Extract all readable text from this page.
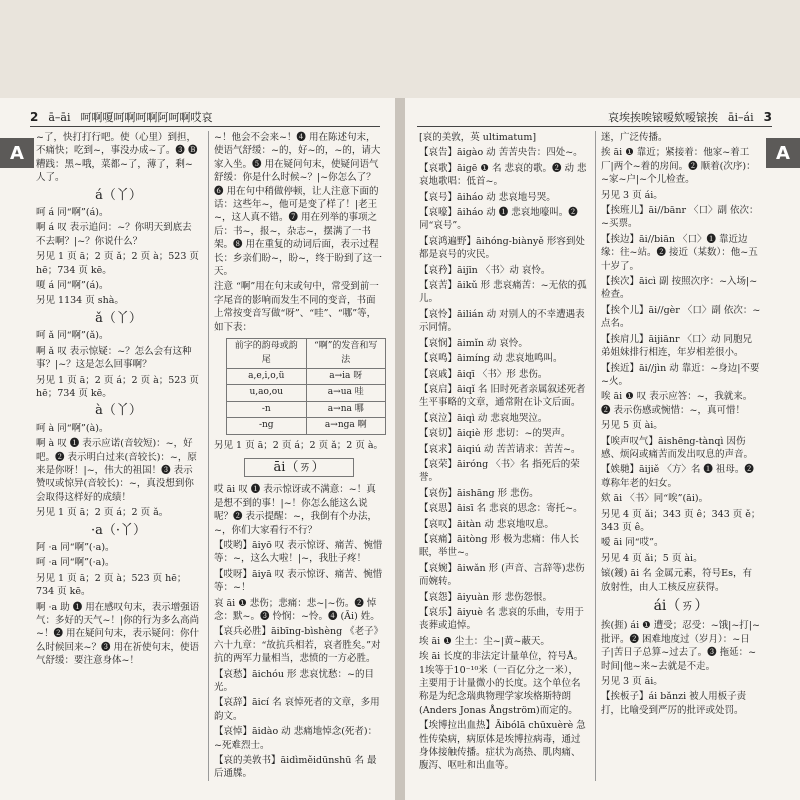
2 ā–āi 呵啊嗄呵啊呵啊阿呵啊哎哀
A

~了，快打打行吧。使（心里）到担，不痛快；吃到~，事没办成~了。❸ 🅑 糟践：黑~哦，菜都~了，薄了，剩~人了。

á（丫）

呵 á 同“啊”(á)。

啊 á 叹 表示追问：~？你明天到底去不去啊？|~？你说什么？

另见 1 页 ā；2 页 ǎ；2 页 à；523 页 hē；734 页 kē。

嗄 á 同“啊”(á)。

另见 1134 页 shà。

ǎ（丫）

呵 ǎ 同“啊”(ǎ)。

啊 ǎ 叹 表示惊疑：~？怎么会有这种事？|~？这是怎么回事啊？

另见 1 页 ā；2 页 á；2 页 à；523 页 hē；734 页 kē。

à（丫）

呵 à 同“啊”(à)。

啊 à 叹 ❶ 表示应诺(音较短)：~，好吧。❷ 表示明白过来(音较长)：~，原来是你呀！|~，伟大的祖国！❸ 表示赞叹或惊异(音较长)：~，真没想到你会取得这样好的成绩！

另见 1 页 ā；2 页 á；2 页 ǎ。

·a（·丫）

阿 ·a 同“啊”(·a)。

呵 ·a 同“啊”(·a)。

另见 1 页 ā；2 页 à；523 页 hē；734 页 kē。

啊 ·a 助 ❶ 用在感叹句末，表示增强语气：多好的天气~！|你的行为多么高尚~！❷ 用在疑问句末，表示疑问：你什么时候回来~？❸ 用在祈使句末，使语气舒缓：要注意身体~！

~！他会不会来~！❹ 用在陈述句末，使语气舒缓：~的，好~的，~的，请大家入坐。❺ 用在疑问句末，使疑问语气舒缓：你是什么时候~？|~你怎么了？❻ 用在句中稍做停顿，让人注意下面的话：这些年~，他可是变了样了！|老王~，这人真不错。❼ 用在列举的事项之后：书~，报~，杂志~，摆满了一书架。❽ 用在重复的动词后面，表示过程长：乡亲们盼~，盼~，终于盼到了这一天。

注意 “啊”用在句末或句中，常受到前一字尾音的影响而发生不同的变音，书面上常按变音写做“呀”、“哇”、“哪”等，如下表：

前字的韵母或韵尾	“啊”的发音和写法
a,e,i,o,ü	a→ia 呀
u,ao,ou	a→ua 哇
-n	a→na 哪
-ng	a→nga 啊

另见 1 页 ā；2 页 á；2 页 ǎ；2 页 à。

āi（ㄞ）

哎 āi 叹 ❶ 表示惊讶或不满意：~！真是想不到的事！|~！你怎么能这么说呢？❷ 表示提醒：~，我倒有个办法，~，你们大家看行不行？

【哎哟】āiyō 叹 表示惊讶、痛苦、惋惜等：~，这么大啦！|~，我肚子疼！

【哎呀】āiyā 叹 表示惊讶、痛苦、惋惜等：~！

哀 āi ❶ 悲伤；悲痛：悲~|~伤。❷ 悼念：默~。❸ 怜悯：~怜。❹ (Āi) 姓。

【哀兵必胜】āibīng-bìshèng 《老子》六十九章：“故抗兵相若，哀者胜矣。”对抗的两军力量相当，悲愤的一方必胜。

【哀愁】āichóu 形 悲哀忧愁：~的目光。

【哀辞】āicí 名 哀悼死者的文章，多用韵文。

【哀悼】āidào 动 悲痛地悼念(死者)：~死难烈士。

【哀的美敦书】āidìměidūnshū 名 最后通牒。

哀埃挨唉锿嗳欸嗳锿挨 āi–ái 3
A

[哀的美敦，英 ultimatum]

【哀告】āigào 动 苦苦央告：四处~。

【哀歌】āigē ❶ 名 悲哀的歌。❷ 动 悲哀地歌唱：低首~。

【哀号】āiháo 动 悲哀地号哭。

【哀嚎】āiháo 动 ❶ 悲哀地嚎叫。❷ 同“哀号”。

【哀鸿遍野】āihóng-biànyě 形容到处都是哀号的灾民。

【哀矜】āijīn 〈书〉动 哀怜。

【哀苦】āikǔ 形 悲哀痛苦：~无依的孤儿。

【哀怜】āilián 动 对别人的不幸遭遇表示同情。

【哀悯】āimǐn 动 哀怜。

【哀鸣】āimíng 动 悲哀地鸣叫。

【哀戚】āiqī 〈书〉形 悲伤。

【哀启】āiqǐ 名 旧时死者亲属叙述死者生平事略的文章，通常附在讣文后面。

【哀泣】āiqì 动 悲哀地哭泣。

【哀切】āiqiè 形 悲切：~的哭声。

【哀求】āiqiú 动 苦苦请求：苦苦~。

【哀荣】āiróng 〈书〉名 指死后的荣誉。

【哀伤】āishāng 形 悲伤。

【哀思】āisī 名 悲哀的思念：寄托~。

【哀叹】āitàn 动 悲哀地叹息。

【哀痛】āitòng 形 极为悲痛：伟人长眠，举世~。

【哀婉】āiwǎn 形 (声音、言辞等)悲伤而婉转。

【哀怨】āiyuàn 形 悲伤怨恨。

【哀乐】āiyuè 名 悲哀的乐曲，专用于丧葬或追悼。

埃 āi ❶ 尘土：尘~|黄~蔽天。

埃 āi 长度的非法定计量单位，符号Å。1埃等于10⁻¹⁰米（一百亿分之一米），主要用于计量微小的长度。这个单位名称是为纪念瑞典物理学家埃格斯特朗(Anders Jonas Ångström)而定的。

【埃博拉出血热】Āibólā chūxuèrè 急性传染病，病原体是埃博拉病毒，通过身体接触传播。症状为高热、肌肉痛、腹泻、呕吐和出血等。

迷，广泛传播。

挨 āi ❶ 靠近；紧接着：他家~着工厂|两个~着的房间。❷ 顺着(次序)：~家~户|~个儿检查。

另见 3 页 ái。

【挨班儿】āi//bānr 〈口〉副 依次：~买票。

【挨边】āi//biān 〈口〉❶ 靠近边缘：往~站。❷ 接近（某数）：他~五十岁了。

【挨次】āicì 副 按照次序：~入场|~检查。

【挨个儿】āi//gèr 〈口〉副 依次：~点名。

【挨肩儿】āijiānr 〈口〉动 同胞兄弟姐妹排行相连，年岁相差很小。

【挨近】āi//jìn 动 靠近：~身边|不要~火。

唉 āi ❶ 叹 表示应答：~，我就来。❷ 表示伤感或惋惜：~，真可惜！

另见 5 页 ài。

【唉声叹气】āishēng-tànqì 因伤感、烦闷或痛苦而发出叹息的声音。

【娭毑】āijiě 〈方〉名 ❶ 祖母。❷ 尊称年老的妇女。

欸 āi 〈书〉同“唉”(āi)。

另见 4 页 ǎi；343 页 ê；343 页 ě；343 页 ê。

嗳 āi 同“哎”。

另见 4 页 ǎi；5 页 ài。

锿(鑀) āi 名 金属元素，符号Es，有放射性，由人工核反应获得。

ái（ㄞ）

挨(捱) ái ❶ 遭受；忍受：~饿|~打|~批评。❷ 困难地度过（岁月）：~日子|苦日子总算~过去了。❸ 拖延：~时间|他~来~去就是不走。

另见 3 页 āi。

【挨板子】ái bǎnzi 被人用板子责打，比喻受到严厉的批评或处罚。
